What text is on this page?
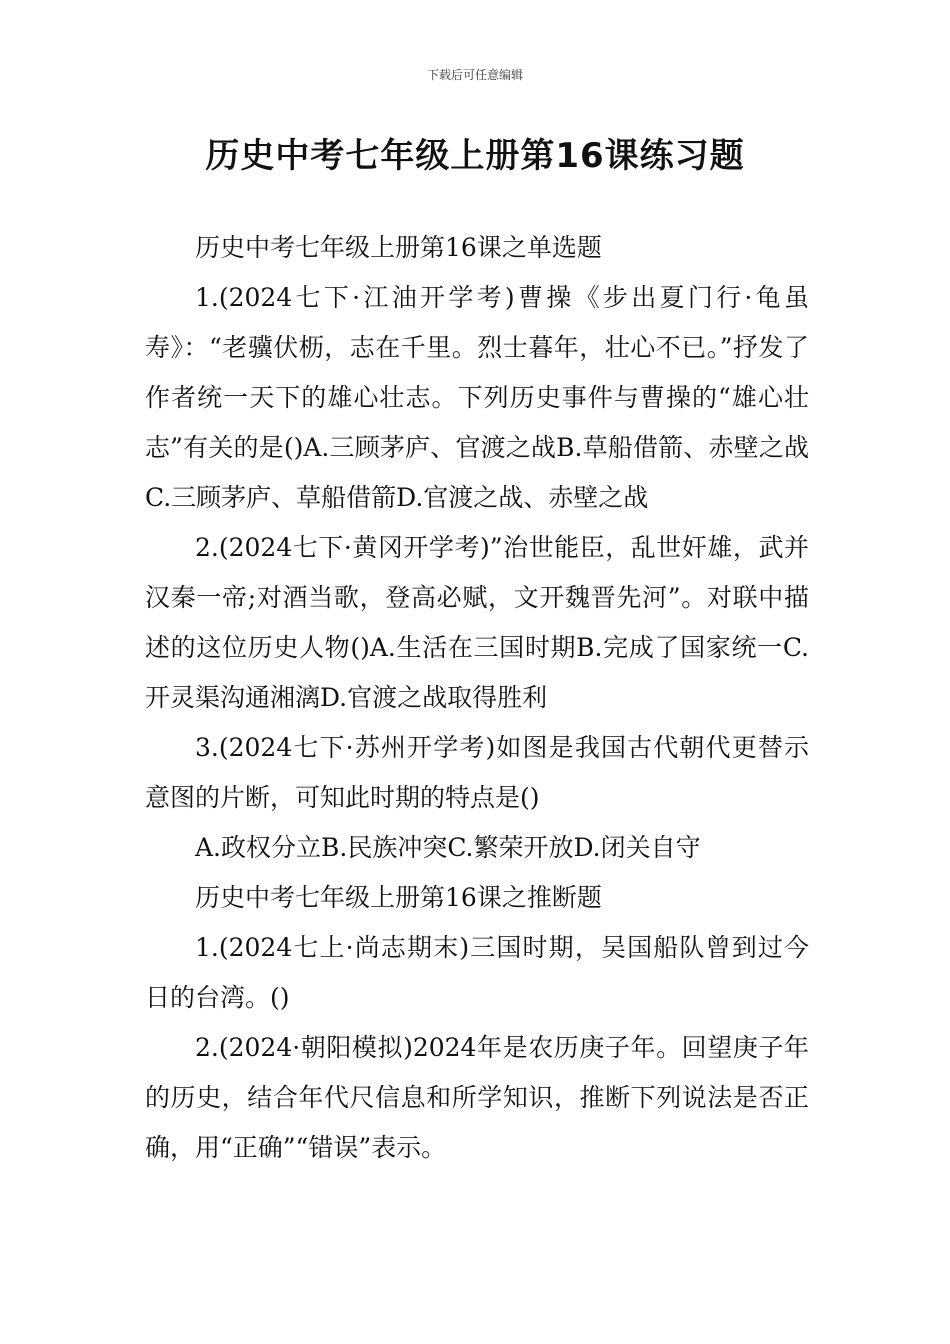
下载后可任意编辑
历史中考七年级上册第16课练习题

历史中考七年级上册第16课之单选题

1.(2024七下·江油开学考)曹操《步出夏门行·龟虽寿》：“老骥伏枥，志在千里。烈士暮年，壮心不已。”抒发了作者统一天下的雄心壮志。下列历史事件与曹操的“雄心壮志”有关的是()A.三顾茅庐、官渡之战B.草船借箭、赤壁之战C.三顾茅庐、草船借箭D.官渡之战、赤壁之战

2.(2024七下·黄冈开学考)”治世能臣，乱世奸雄，武并汉秦一帝;对酒当歌，登高必赋，文开魏晋先河”。对联中描述的这位历史人物()A.生活在三国时期B.完成了国家统一C.开灵渠沟通湘漓D.官渡之战取得胜利

3.(2024七下·苏州开学考)如图是我国古代朝代更替示意图的片断，可知此时期的特点是()

A.政权分立B.民族冲突C.繁荣开放D.闭关自守

历史中考七年级上册第16课之推断题

1.(2024七上·尚志期末)三国时期，吴国船队曾到过今日的台湾。()

2.(2024·朝阳模拟)2024年是农历庚子年。回望庚子年的历史，结合年代尺信息和所学知识，推断下列说法是否正确，用“正确”“错误”表示。
